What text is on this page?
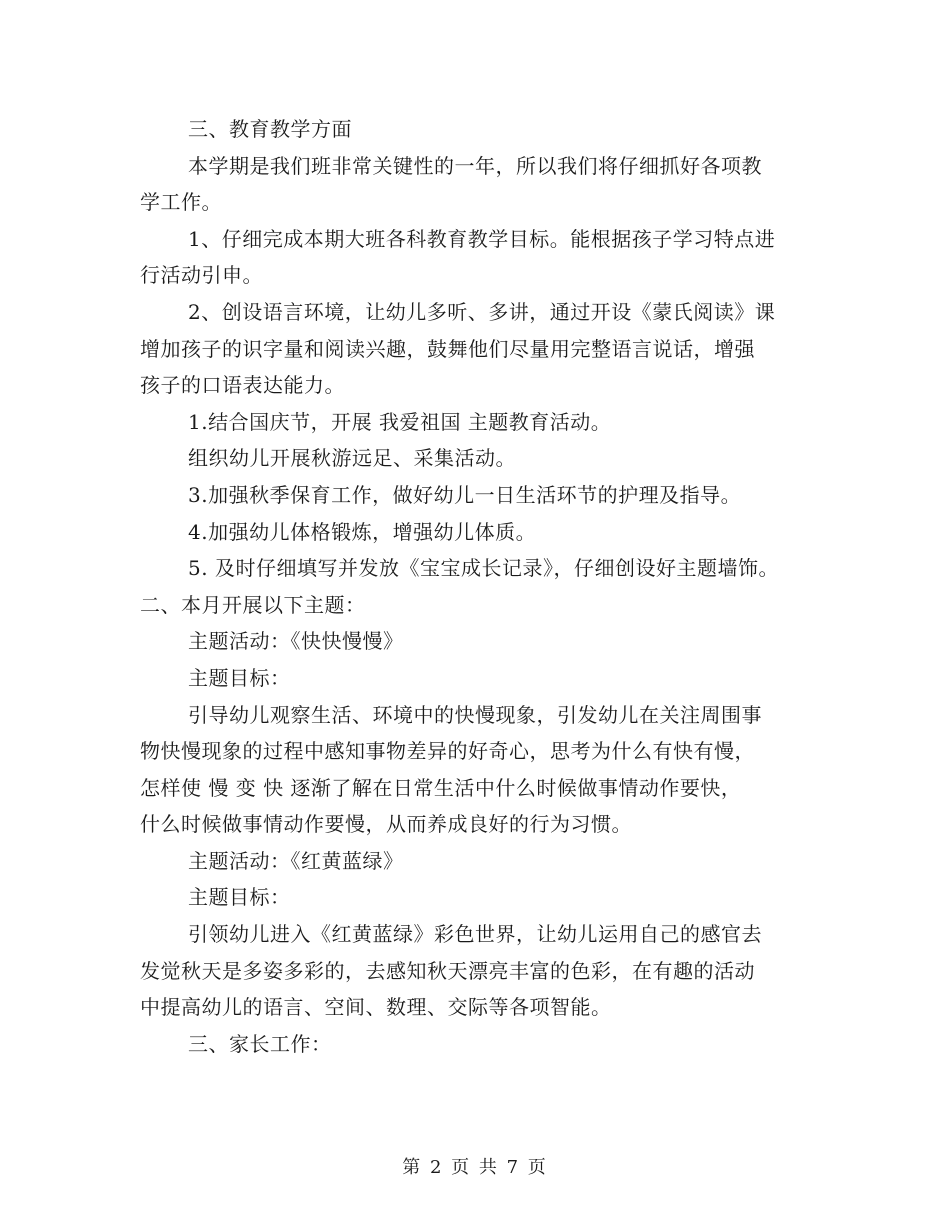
三、教育教学方面
本学期是我们班非常关键性的一年，所以我们将仔细抓好各项教
学工作。
1、仔细完成本期大班各科教育教学目标。能根据孩子学习特点进
行活动引申。
2、创设语言环境，让幼儿多听、多讲，通过开设《蒙氏阅读》课
增加孩子的识字量和阅读兴趣，鼓舞他们尽量用完整语言说话，增强
孩子的口语表达能力。
1.结合国庆节，开展 我爱祖国 主题教育活动。
组织幼儿开展秋游远足、采集活动。
3.加强秋季保育工作，做好幼儿一日生活环节的护理及指导。
4.加强幼儿体格锻炼，增强幼儿体质。
5. 及时仔细填写并发放《宝宝成长记录》，仔细创设好主题墙饰。
二、本月开展以下主题：
主题活动：《快快慢慢》
主题目标：
引导幼儿观察生活、环境中的快慢现象，引发幼儿在关注周围事
物快慢现象的过程中感知事物差异的好奇心，思考为什么有快有慢，
怎样使 慢 变 快 逐渐了解在日常生活中什么时候做事情动作要快，
什么时候做事情动作要慢，从而养成良好的行为习惯。
主题活动：《红黄蓝绿》
主题目标：
引领幼儿进入《红黄蓝绿》彩色世界，让幼儿运用自己的感官去
发觉秋天是多姿多彩的，去感知秋天漂亮丰富的色彩，在有趣的活动
中提高幼儿的语言、空间、数理、交际等各项智能。
三、家长工作：
第 2 页 共 7 页
